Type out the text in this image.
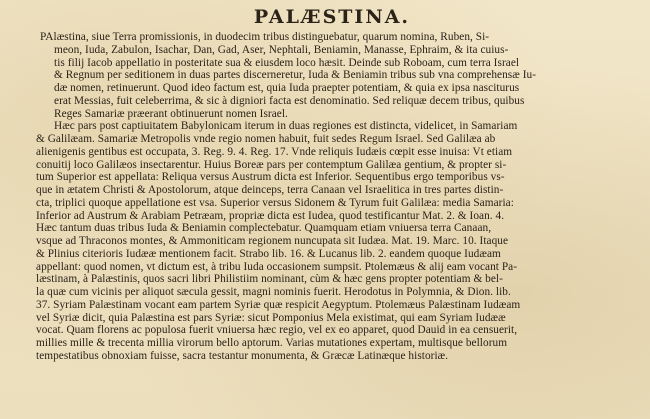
PALÆSTINA.
PAlæstina, siue Terra promissionis, in duodecim tribus distinguebatur, quarum nomina, Ruben, Si-
meon, Iuda, Zabulon, Isachar, Dan, Gad, Aser, Nephtali, Beniamin, Manasse, Ephraim, & ita cuius-
tis filij Iacob appellatio in posteritate sua & eiusdem loco hæsit. Deinde sub Roboam, cum terra Israel
& Regnum per seditionem in duas partes discerneretur, Iuda & Beniamin tribus sub vna comprehensæ Iu-
dæ nomen, retinuerunt. Quod ideo factum est, quia Iuda praepter potentiam, & quia ex ipsa nasciturus
erat Messias, fuit celeberrima, & sic à digniori facta est denominatio. Sed reliquæ decem tribus, quibus
Reges Samariæ præerant obtinuerunt nomen Israel.
Hæc pars post captiuitatem Babylonicam iterum in duas regiones est distincta, videlicet, in Samariam
& Galilæam. Samariæ Metropolis vnde regio nomen habuit, fuit sedes Regum Israel. Sed Galilæa ab
alienigenis gentibus est occupata, 3. Reg. 9. 4. Reg. 17. Vnde reliquis Iudæis cœpit esse inuisa: Vt etiam
conuitij loco Galilæos insectarentur. Huius Boreæ pars per contemptum Galilæa gentium, & propter si-
tum Superior est appellata: Reliqua versus Austrum dicta est Inferior. Sequentibus ergo temporibus vs-
que in ætatem Christi & Apostolorum, atque deinceps, terra Canaan vel Israelitica in tres partes distin-
cta, triplici quoque appellatione est vsa. Superior versus Sidonem & Tyrum fuit Galilæa: media Samaria:
Inferior ad Austrum & Arabiam Petræam, propriæ dicta est Iudea, quod testificantur Mat. 2. & Ioan. 4.
Hæc tantum duas tribus Iuda & Beniamin complectebatur. Quamquam etiam vniuersa terra Canaan,
vsque ad Thraconos montes, & Ammoniticam regionem nuncupata sit Iudæa. Mat. 19. Marc. 10. Itaque
& Plinius citerioris Iudææ mentionem facit. Strabo lib. 16. & Lucanus lib. 2. eandem quoque Iudæam
appellant: quod nomen, vt dictum est, à tribu Iuda occasionem sumpsit. Ptolemæus & alij eam vocant Pa-
læstinam, à Palæstinis, quos sacri libri Philistiim nominant, cùm & hæc gens propter potentiam & bel-
la quæ cum vicinis per aliquot sæcula gessit, magni nominis fuerit. Herodotus in Polymnia, & Dion. lib.
37. Syriam Palæstinam vocant eam partem Syriæ quæ respicit Aegyptum. Ptolemæus Palæstinam Iudæam
vel Syriæ dicit, quia Palæstina est pars Syriæ: sicut Pomponius Mela existimat, qui eam Syriam Iudææ
vocat. Quam florens ac populosa fuerit vniuersa hæc regio, vel ex eo apparet, quod Dauid in ea censuerit,
millies mille & trecenta millia virorum bello aptorum. Varias mutationes expertam, multisque bellorum
tempestatibus obnoxiam fuisse, sacra testantur monumenta, & Græcæ Latinæque historiæ.
